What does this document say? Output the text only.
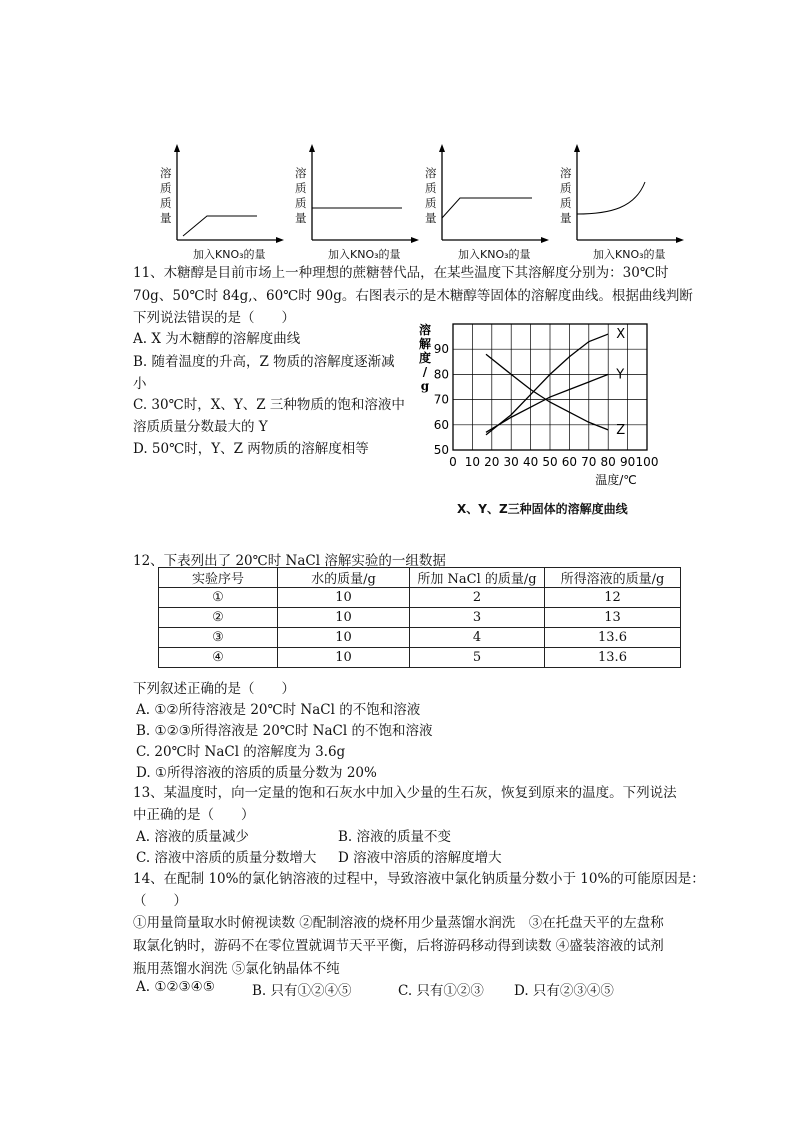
溶
质
质
量
加入KNO₃的量
溶
质
质
量
加入KNO₃的量
溶
质
质
量
加入KNO₃的量
溶
质
质
量
加入KNO₃的量
11、木糖醇是目前市场上一种理想的蔗糖替代品，在某些温度下其溶解度分别为：30℃时
70g、50℃时 84g,、60℃时 90g。右图表示的是木糖醇等固体的溶解度曲线。根据曲线判断
下列说法错误的是（　　）
A. X 为木糖醇的溶解度曲线
B. 随着温度的升高，Z 物质的溶解度逐渐减
小
C. 30℃时，X、Y、Z 三种物质的饱和溶液中
溶质质量分数最大的 Y
D. 50℃时，Y、Z 两物质的溶解度相等
0 10 20 30 40 50 60 70 80 90 100
50
60
70
80
90
溶
解
度
/
g
温度/℃
X
Y
Z
X、Y、Z三种固体的溶解度曲线
12、下表列出了 20℃时 NaCl 溶解实验的一组数据
实验序号	水的质量/g	所加 NaCl 的质量/g	所得溶液的质量/g
①	10	2	12
②	10	3	13
③	10	4	13.6
④	10	5	13.6
下列叙述正确的是（　　）
A. ①②所待溶液是 20℃时 NaCl 的不饱和溶液
B. ①②③所得溶液是 20℃时 NaCl 的不饱和溶液
C. 20℃时 NaCl 的溶解度为 3.6g
D. ①所得溶液的溶质的质量分数为 20%
13、某温度时，向一定量的饱和石灰水中加入少量的生石灰，恢复到原来的温度。下列说法
中正确的是（　　）
A. 溶液的质量减少	B. 溶液的质量不变
C. 溶液中溶质的质量分数增大 D 溶液中溶质的溶解度增大
14、在配制 10%的氯化钠溶液的过程中，导致溶液中氯化钠质量分数小于 10%的可能原因是：
（　　）
①用量筒量取水时俯视读数 ②配制溶液的烧杯用少量蒸馏水润洗　③在托盘天平的左盘称
取氯化钠时，游码不在零位置就调节天平平衡，后将游码移动得到读数 ④盛装溶液的试剂
瓶用蒸馏水润洗 ⑤氯化钠晶体不纯
A. ①②③④⑤	B. 只有①②④⑤	C. 只有①②③ D. 只有②③④⑤
